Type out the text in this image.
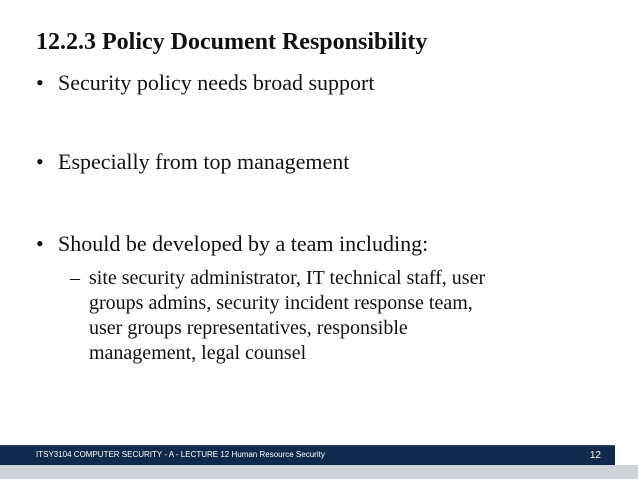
12.2.3 Policy Document Responsibility
• Security policy needs broad support
• Especially from top management
• Should be developed by a team including:
– site security administrator, IT technical staff, user
groups admins, security incident response team,
user groups representatives, responsible
management, legal counsel
ITSY3104 COMPUTER SECURITY - A - LECTURE 12 Human Resource Security	12
